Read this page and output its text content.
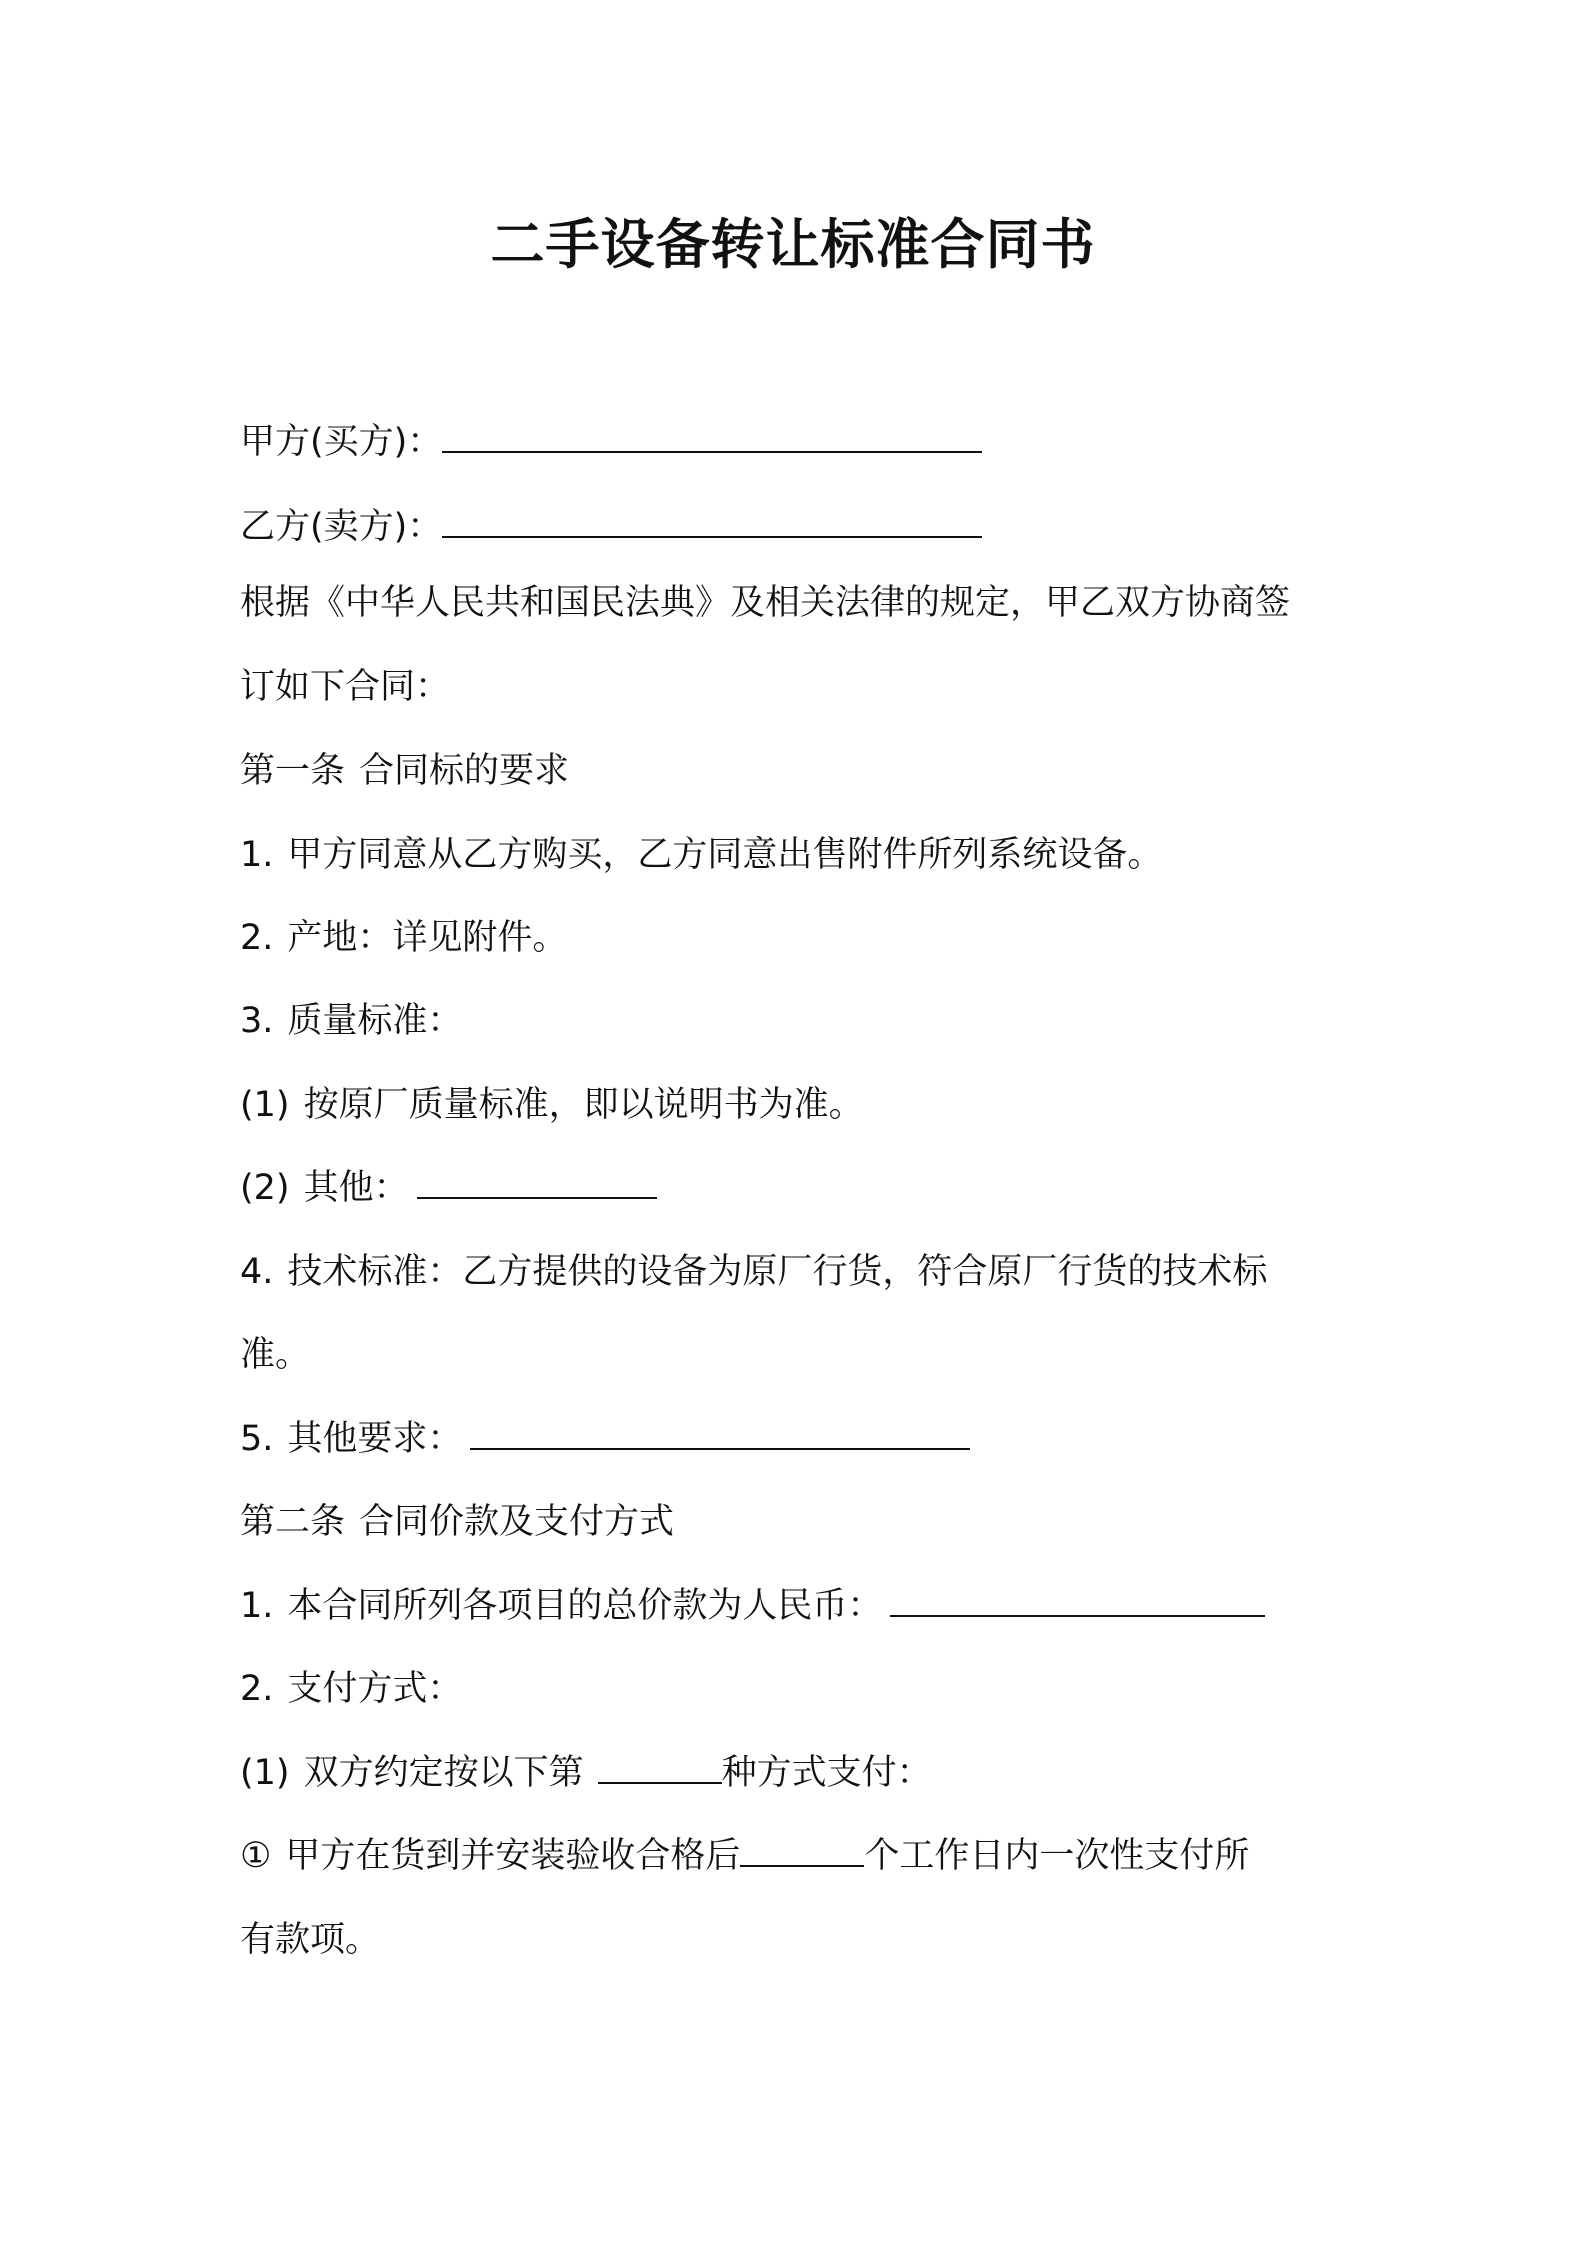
二手设备转让标准合同书

甲方(买方)：

乙方(卖方)：

根据《中华人民共和国民法典》及相关法律的规定，甲乙双方协商签

订如下合同：

第一条 合同标的要求

1. 甲方同意从乙方购买，乙方同意出售附件所列系统设备。

2. 产地：详见附件。

3. 质量标准：

(1) 按原厂质量标准，即以说明书为准。

(2) 其他：

4. 技术标准：乙方提供的设备为原厂行货，符合原厂行货的技术标

准。

5. 其他要求：

第二条 合同价款及支付方式

1. 本合同所列各项目的总价款为人民币：

2. 支付方式：

(1) 双方约定按以下第	种方式支付：

① 甲方在货到并安装验收合格后	个工作日内一次性支付所

有款项。
